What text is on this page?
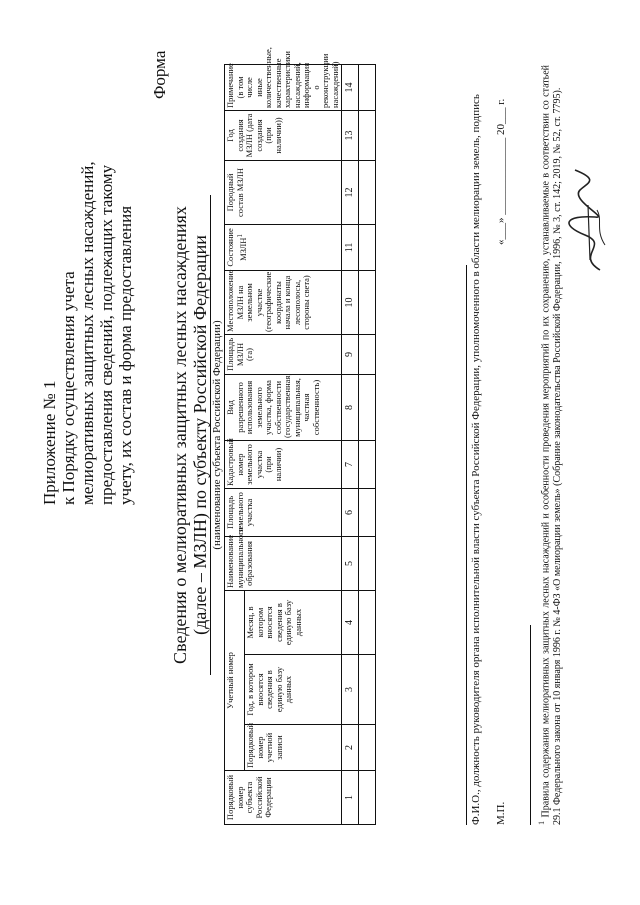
Приложение № 1 к Порядку осуществления учета мелиоративных защитных лесных насаждений, предоставления сведений, подлежащих такому учету, их состав и форма предоставления
Форма
Сведения о мелиоративных защитных лесных насаждениях (далее – МЗЛН) по субъекту Российской Федерации (наименование субъекта Российской Федерации)
Порядковый номер субъекта Российской Федерации	Учетный номер			Наименование муниципального образования	Площадь земельного участка	Кадастровый номер земельного участка (при наличии)	Вид разрешенного использования земельного участка, форма собственности (государственная, муниципальная, частная собственность)	Площадь МЗЛН (га)	Местоположение МЗЛН на земельном участке (географические координаты начала и конца лесополосы, стороны света)	Состояние МЗЛН$^1$	Породный состав МЗЛН	Год создания МЗЛН (дата создания (при наличии))	Примечание (в том числе иные количественные, качественные характеристики насаждений, информация о реконструкции насаждений)
	Порядковый номер учетной записи	Год, в котором вносятся сведения в единую базу данных	Месяц, в котором вносятся сведения в единую базу данных										
1	2	3	4	5	6	7	8	9	10	11	12	13	14

Ф.И.О., должность руководителя органа исполнительной власти субъекта Российской Федерации, уполномоченного в области мелиорации земель, подпись М.П.
«___» ______________ 20___ г.
$^1$ Правила содержания мелиоративных защитных лесных насаждений и особенности проведения мероприятий по их сохранению, устанавливаемые в соответствии со статьей 29.1 Федерального закона от 10 января 1996 г. № 4-ФЗ «О мелиорации земель» (Собрание законодательства Российской Федерации, 1996, № 3, ст. 142; 2019, № 52, ст. 7795).
